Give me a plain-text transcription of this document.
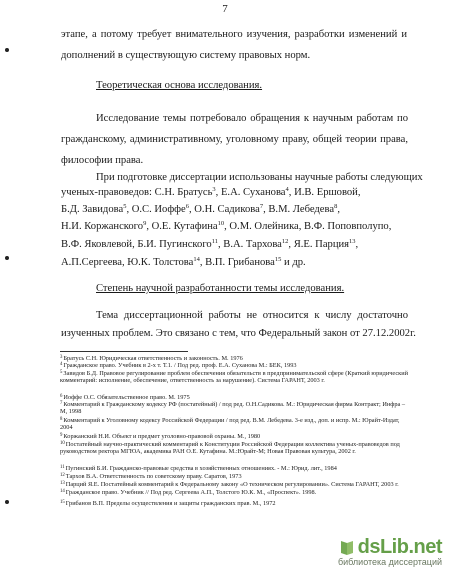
7
этапе, а потому требует внимательного изучения, разработки изменений и
дополнений в существующую систему правовых норм.
Теоретическая основа исследования.
Исследование темы потребовало обращения к научным работам по
гражданскому, административному, уголовному праву, общей теории права,
философии права.
При подготовке диссертации использованы научные работы следующих
ученых-правоведов: С.Н. Братусь$^3$, Е.А. Суханова$^4$, И.В. Ершовой,
Б.Д. Завидова$^5$, О.С. Иоффе$^6$, О.Н. Садикова$^7$, В.М. Лебедева$^8$,
Н.И. Коржанского$^9$, О.Е. Кутафина$^{10}$, О.М. Олейника, В.Ф. Поповполупо,
В.Ф. Яковлевой, Б.И. Пугинского$^{11}$, В.А. Тархова$^{12}$, Я.Е. Парция$^{13}$,
А.П.Сергеева, Ю.К. Толстова$^{14}$, В.П. Грибанова$^{15}$ и др.
Степень научной разработанности темы исследования.
Тема диссертационной работы не относится к числу достаточно
изученных проблем. Это связано с тем, что Федеральный закон от 27.12.2002г.
$^3$Братусь С.Н. Юридическая ответственность и законность. М. 1976
$^4$Гражданское право. Учебник в 2-х т. Т.1. / Под ред. проф. Е.А. Суханова М.: БЕК, 1993
$^5$Завидов Б.Д. Правовое регулирование проблем обеспечения обязательств в предпринимательской сфере (Краткий юридический комментарий: исполнение, обеспечение, ответственность за нарушение). Система ГАРАНТ, 2003 г.
$^6$Иоффе О.С. Обязательственное право. М. 1975
$^7$Комментарий к Гражданскому кодексу РФ (постатейный) / под ред. О.Н.Садикова. М.: Юридическая фирма Контракт; Инфра – М, 1998
$^8$Комментарий к Уголовному кодексу Российской Федерации / под ред. В.М. Лебедева. 3-е изд., доп. и испр. М.: Юрайт-Издат, 2004
$^9$Коржанский Н.И. Объект и предмет уголовно-правовой охраны. М., 1980
$^{10}$Постатейный научно-практический комментарий к Конституции Российской Федерации коллектива ученых-правоведов под руководством ректора МГЮА, академика РАН О.Е. Кутафина. М.:Юрайт-М; Новая Правовая культура, 2002 г.
$^{11}$Пугинский Б.И. Гражданско-правовые средства в хозяйственных отношениях. - М.: Юрид. лит., 1984
$^{12}$Тархов В.А. Ответственность по советскому праву. Саратов, 1973
$^{13}$Парций Я.Е. Постатейный комментарий к Федеральному закону «О техническом регулировании». Система ГАРАНТ, 2003 г.
$^{14}$Гражданское право. Учебник // Под ред. Сергеева А.П., Толстого Ю.К. М., «Проспект». 1998.
$^{15}$Грибанов В.П. Пределы осуществления и защиты гражданских прав. М., 1972
dsLib.net
библиотека диссертаций
